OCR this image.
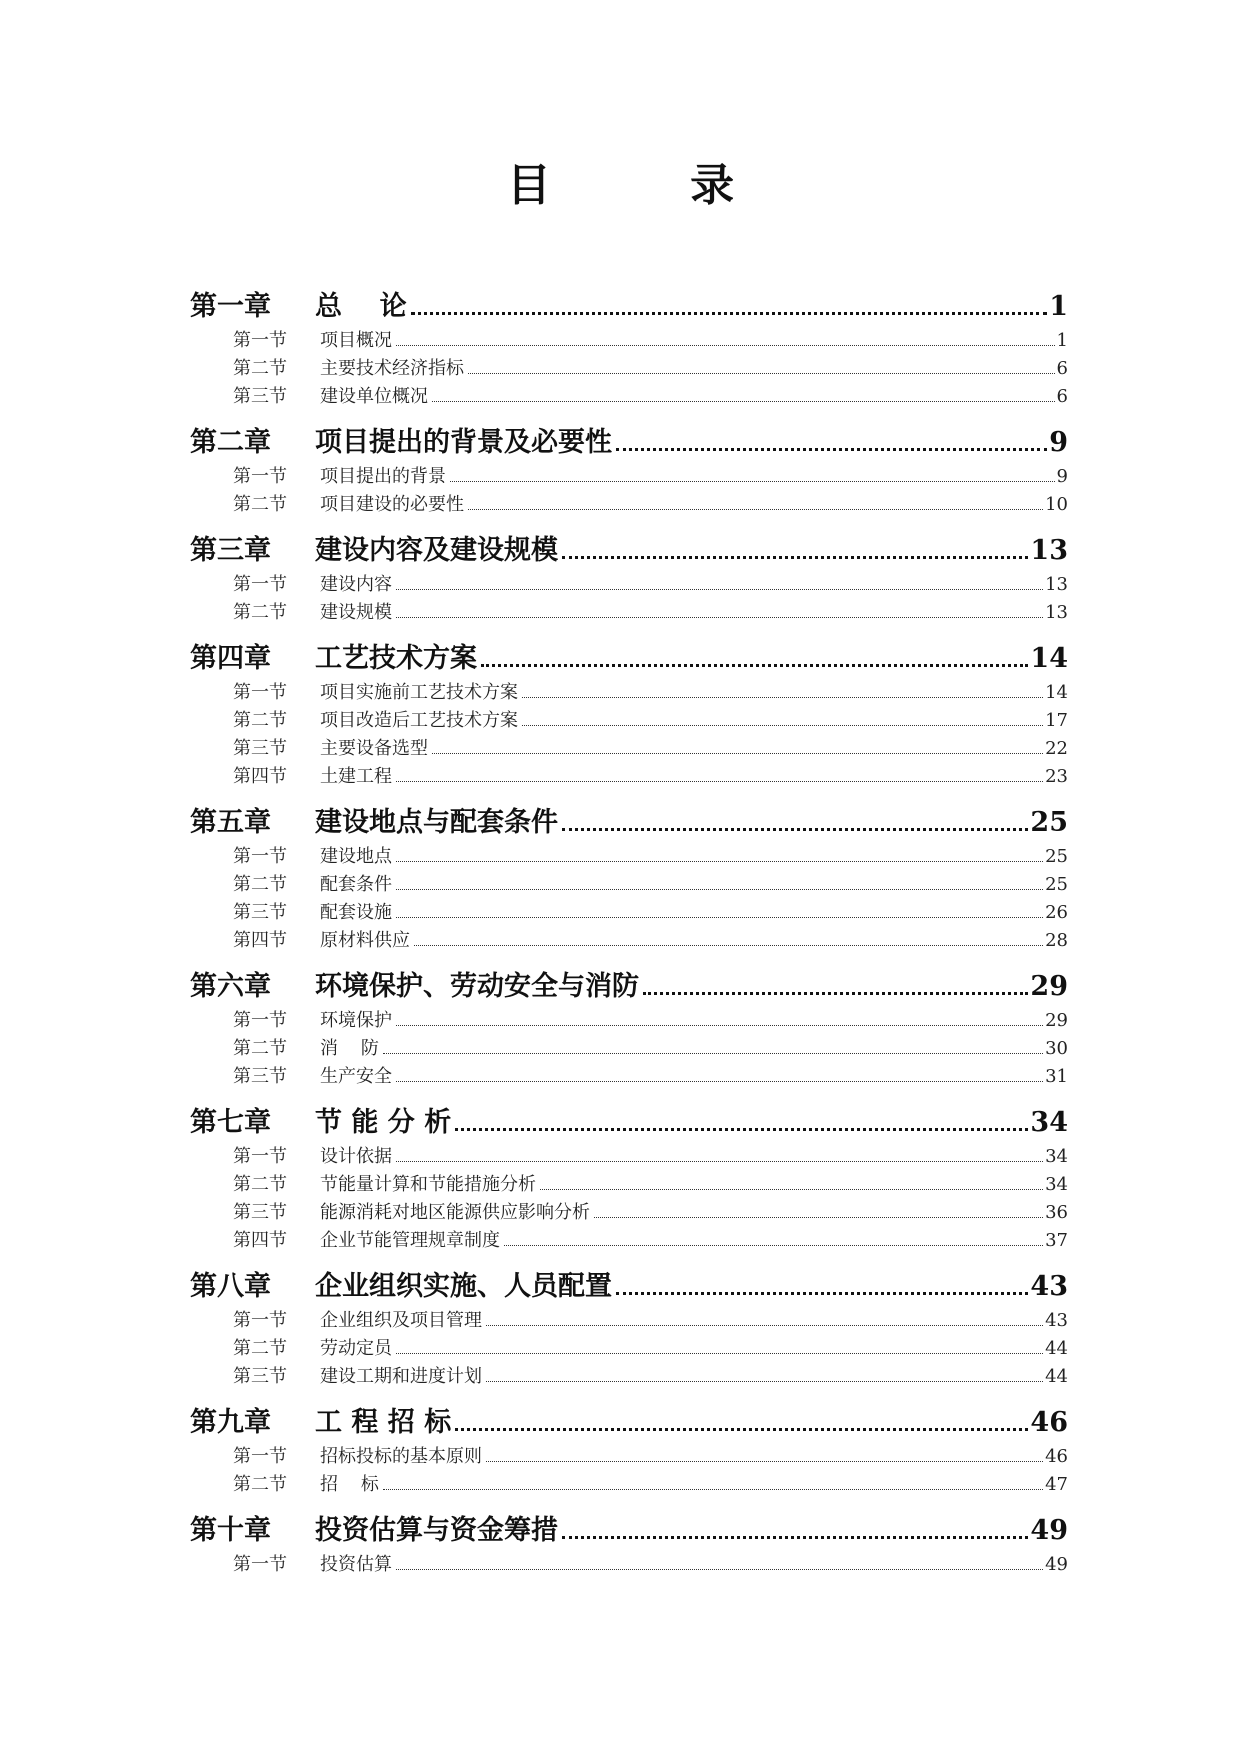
目 录
第一章	总    论	1
第一节	项目概况	1
第二节	主要技术经济指标	6
第三节	建设单位概况	6
第二章	项目提出的背景及必要性	9
第一节	项目提出的背景	9
第二节	项目建设的必要性	10
第三章	建设内容及建设规模	13
第一节	建设内容	13
第二节	建设规模	13
第四章	工艺技术方案	14
第一节	项目实施前工艺技术方案	14
第二节	项目改造后工艺技术方案	17
第三节	主要设备选型	22
第四节	土建工程	23
第五章	建设地点与配套条件	25
第一节	建设地点	25
第二节	配套条件	25
第三节	配套设施	26
第四节	原材料供应	28
第六章	环境保护、劳动安全与消防	29
第一节	环境保护	29
第二节	消    防	30
第三节	生产安全	31
第七章	节 能 分 析	34
第一节	设计依据	34
第二节	节能量计算和节能措施分析	34
第三节	能源消耗对地区能源供应影响分析	36
第四节	企业节能管理规章制度	37
第八章	企业组织实施、人员配置	43
第一节	企业组织及项目管理	43
第二节	劳动定员	44
第三节	建设工期和进度计划	44
第九章	工 程 招 标	46
第一节	招标投标的基本原则	46
第二节	招    标	47
第十章	投资估算与资金筹措	49
第一节	投资估算	49
